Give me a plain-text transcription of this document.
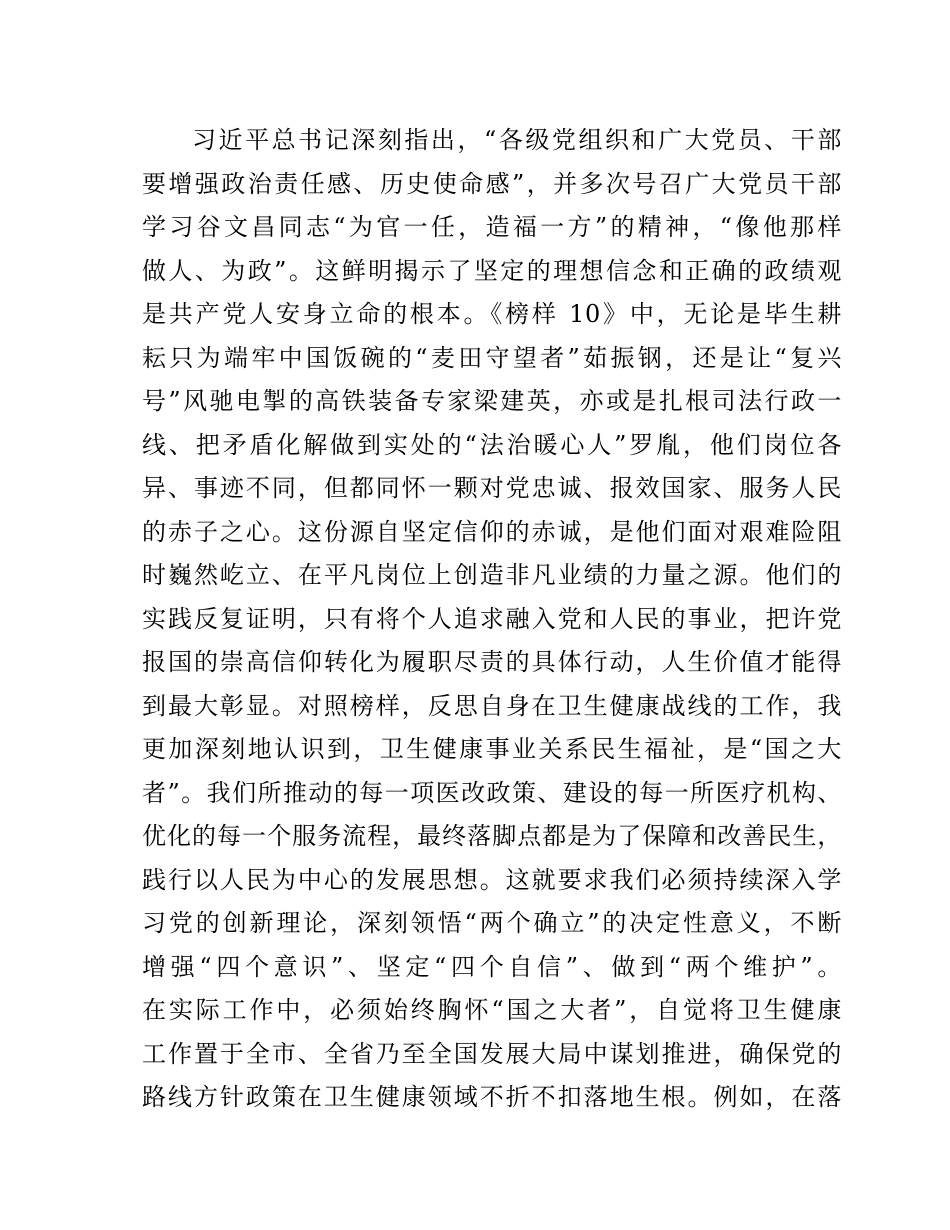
习近平总书记深刻指出，“各级党组织和广大党员、干部
要增强政治责任感、历史使命感”，并多次号召广大党员干部
学习谷文昌同志“为官一任，造福一方”的精神，“像他那样
做人、为政”。这鲜明揭示了坚定的理想信念和正确的政绩观
是共产党人安身立命的根本。《榜样 10》中，无论是毕生耕
耘只为端牢中国饭碗的“麦田守望者”茹振钢，还是让“复兴
号”风驰电掣的高铁装备专家梁建英，亦或是扎根司法行政一
线、把矛盾化解做到实处的“法治暖心人”罗胤，他们岗位各
异、事迹不同，但都同怀一颗对党忠诚、报效国家、服务人民
的赤子之心。这份源自坚定信仰的赤诚，是他们面对艰难险阻
时巍然屹立、在平凡岗位上创造非凡业绩的力量之源。他们的
实践反复证明，只有将个人追求融入党和人民的事业，把许党
报国的崇高信仰转化为履职尽责的具体行动，人生价值才能得
到最大彰显。对照榜样，反思自身在卫生健康战线的工作，我
更加深刻地认识到，卫生健康事业关系民生福祉，是“国之大
者”。我们所推动的每一项医改政策、建设的每一所医疗机构、
优化的每一个服务流程，最终落脚点都是为了保障和改善民生，
践行以人民为中心的发展思想。这就要求我们必须持续深入学
习党的创新理论，深刻领悟“两个确立”的决定性意义，不断
增强“四个意识”、坚定“四个自信”、做到“两个维护”。
在实际工作中，必须始终胸怀“国之大者”，自觉将卫生健康
工作置于全市、全省乃至全国发展大局中谋划推进，确保党的
路线方针政策在卫生健康领域不折不扣落地生根。例如，在落
